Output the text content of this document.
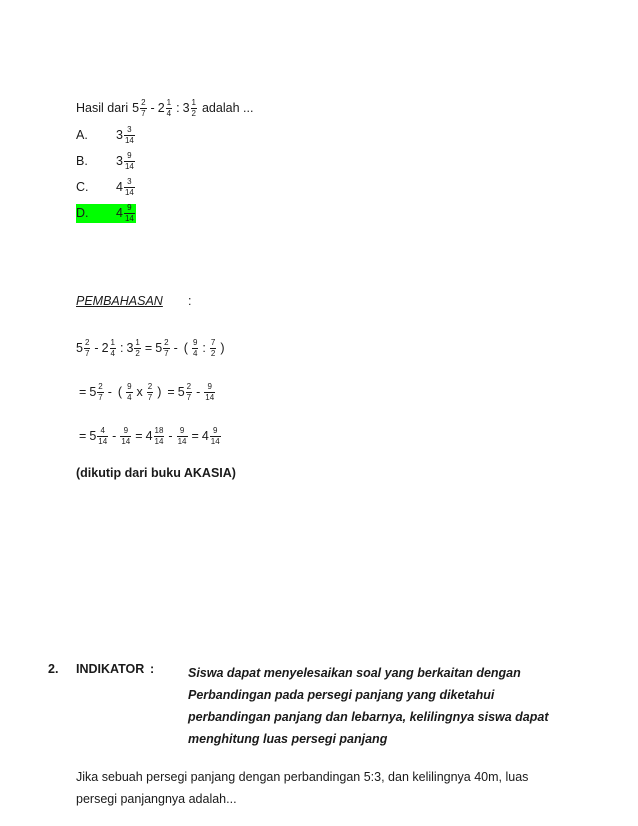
Hasil dari $5 \frac{2}{7} - 2 \frac{1}{4}$ : $3 \frac{1}{2}$ adalah ...
A.	$3 \frac{3}{14}$
B.	$3 \frac{9}{14}$
C.	$4 \frac{3}{14}$
D.	$4 \frac{9}{14}$
PEMBAHASAN :
$5 \frac{2}{7} - 2 \frac{1}{4}$ : $3 \frac{1}{2} = 5 \frac{2}{7}$ - ( $\frac{9}{4}$ : $\frac{7}{2}$ )
= $5 \frac{2}{7}$ - ( $\frac{9}{4}$ x $\frac{2}{7}$ ) = $5 \frac{2}{7} - \frac{9}{14}$
= $5 \frac{4}{14} - \frac{9}{14} = 4 \frac{18}{14} - \frac{9}{14} = 4 \frac{9}{14}$
(dikutip dari buku AKASIA)
2. INDIKATOR :	Siswa dapat menyelesaikan soal yang berkaitan dengan
Perbandingan pada persegi panjang yang diketahui
perbandingan panjang dan lebarnya, kelilingnya siswa dapat
menghitung luas persegi panjang
Jika sebuah persegi panjang dengan perbandingan 5:3, dan kelilingnya 40m, luas
persegi panjangnya adalah...
